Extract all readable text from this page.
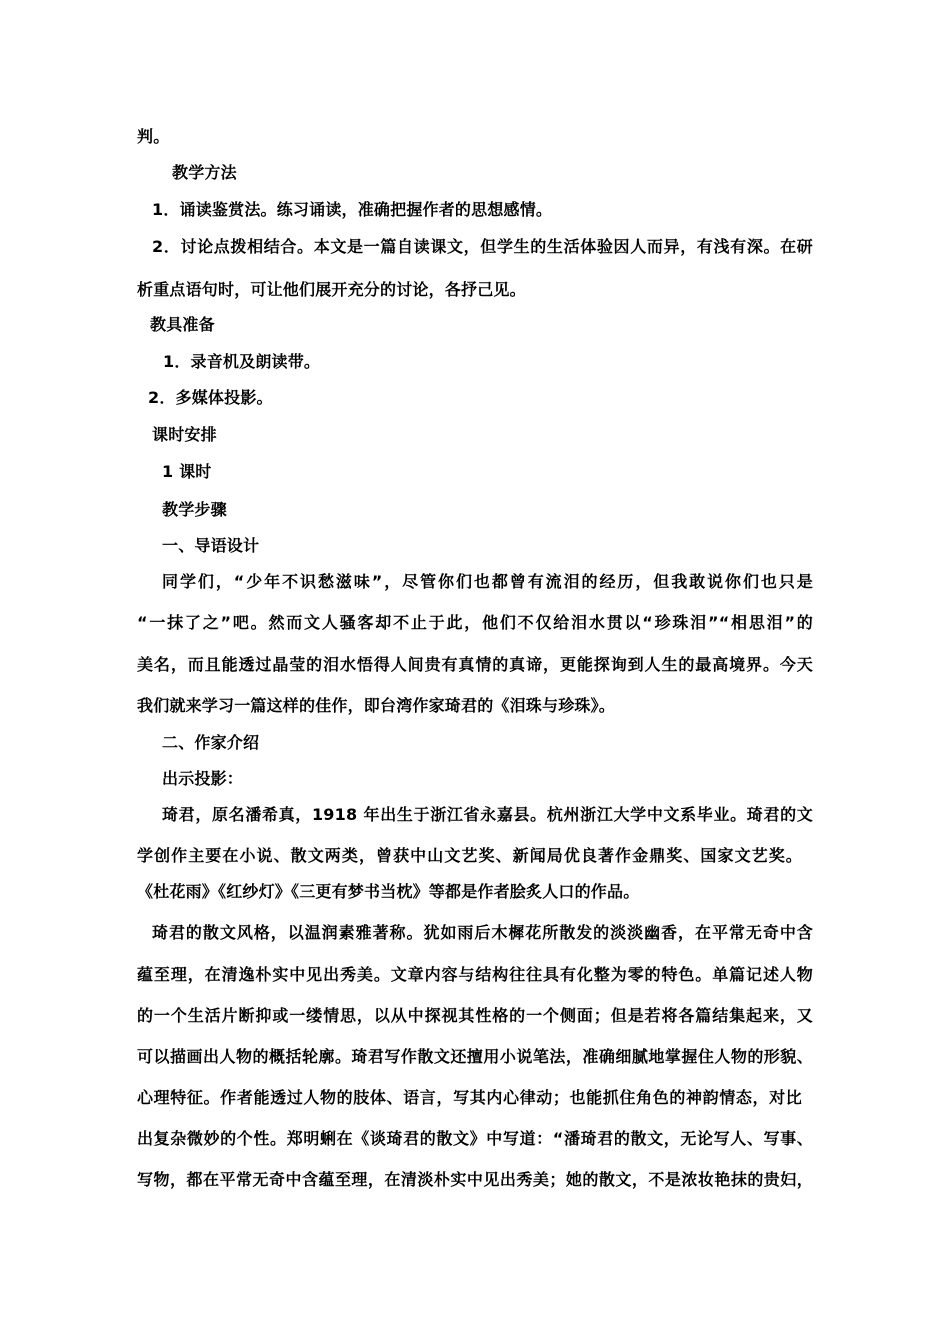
判。
教学方法
1．诵读鉴赏法。练习诵读，准确把握作者的思想感情。
2．讨论点拨相结合。本文是一篇自读课文，但学生的生活体验因人而异，有浅有深。在研
析重点语句时，可让他们展开充分的讨论，各抒己见。
教具准备
1．录音机及朗读带。
2．多媒体投影。
课时安排
1 课时
教学步骤
一、导语设计
同学们，“少年不识愁滋味”，尽管你们也都曾有流泪的经历，但我敢说你们也只是
“一抹了之”吧。然而文人骚客却不止于此，他们不仅给泪水贯以“珍珠泪”“相思泪”的
美名，而且能透过晶莹的泪水悟得人间贵有真情的真谛，更能探询到人生的最高境界。今天
我们就来学习一篇这样的佳作，即台湾作家琦君的《泪珠与珍珠》。
二、作家介绍
出示投影：
琦君，原名潘希真，1918 年出生于浙江省永嘉县。杭州浙江大学中文系毕业。琦君的文
学创作主要在小说、散文两类，曾获中山文艺奖、新闻局优良著作金鼎奖、国家文艺奖。
《杜花雨》《红纱灯》《三更有梦书当枕》等都是作者脍炙人口的作品。
琦君的散文风格，以温润素雅著称。犹如雨后木樨花所散发的淡淡幽香，在平常无奇中含
蕴至理，在清逸朴实中见出秀美。文章内容与结构往往具有化整为零的特色。单篇记述人物
的一个生活片断抑或一缕情思，以从中探视其性格的一个侧面；但是若将各篇结集起来，又
可以描画出人物的概括轮廓。琦君写作散文还擅用小说笔法，准确细腻地掌握住人物的形貌、
心理特征。作者能透过人物的肢体、语言，写其内心律动；也能抓住角色的神韵情态，对比
出复杂微妙的个性。郑明蜊在《谈琦君的散文》中写道：“潘琦君的散文，无论写人、写事、
写物，都在平常无奇中含蕴至理，在清淡朴实中见出秀美；她的散文，不是浓妆艳抹的贵妇，
